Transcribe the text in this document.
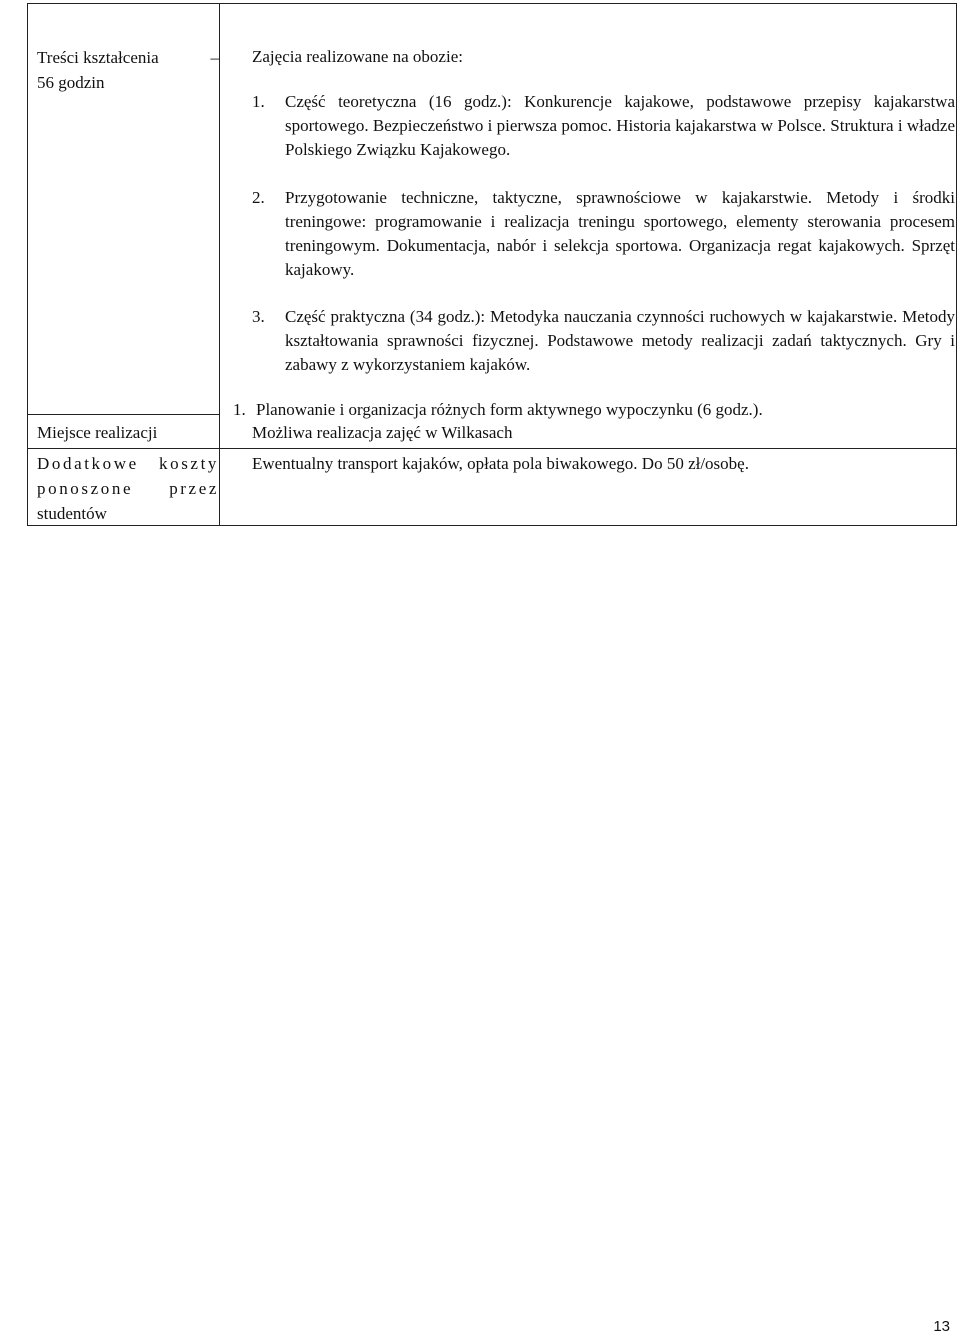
Treści kształcenia	–
56 godzin
Miejsce realizacji
Dodatkowe koszty
ponoszone przez
studentów
Zajęcia realizowane na obozie:
1. Część teoretyczna (16 godz.): Konkurencje kajakowe, podstawowe przepisy kajakarstwa sportowego. Bezpieczeństwo i pierwsza pomoc. Historia kajakarstwa w Polsce. Struktura i władze Polskiego Związku Kajakowego.
2. Przygotowanie techniczne, taktyczne, sprawnościowe w kajakarstwie. Metody i środki treningowe: programowanie i realizacja treningu sportowego, elementy sterowania procesem treningowym. Dokumentacja, nabór i selekcja sportowa. Organizacja regat kajakowych. Sprzęt kajakowy.
3. Część praktyczna (34 godz.): Metodyka nauczania czynności ruchowych w kajakarstwie. Metody kształtowania sprawności fizycznej. Podstawowe metody realizacji zadań taktycznych. Gry i zabawy z wykorzystaniem kajaków.
1. Planowanie i organizacja różnych form aktywnego wypoczynku (6 godz.).
Możliwa realizacja zajęć w Wilkasach
Ewentualny transport kajaków, opłata pola biwakowego. Do 50 zł/osobę.
13
